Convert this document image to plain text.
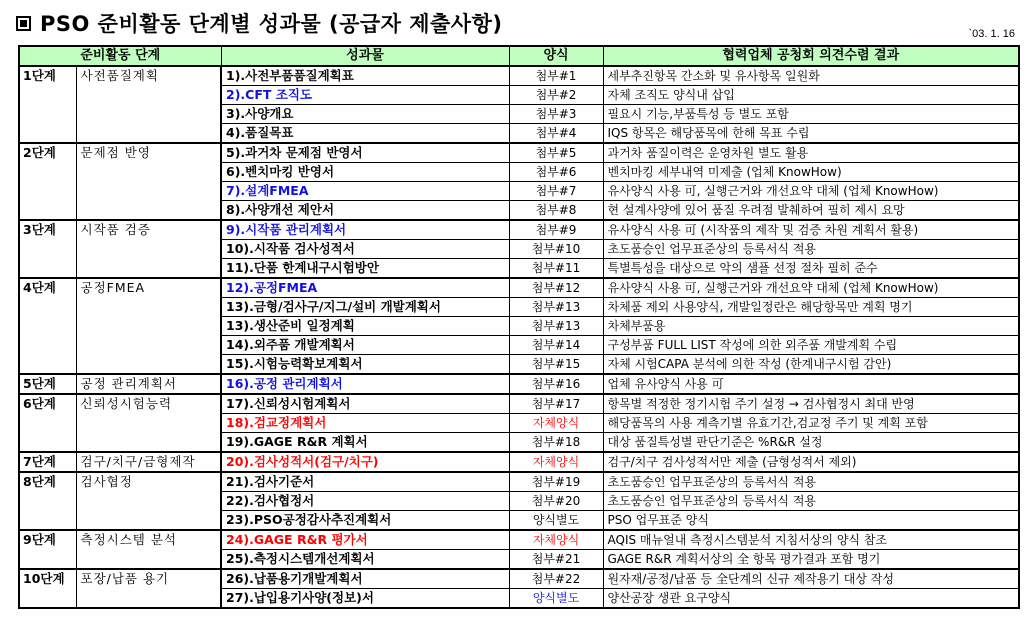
PSO 준비활동 단계별 성과물 (공급자 제출사항)	`03. 1. 16
준비활동 단계		성과물	양식	협력업체 공청회 의견수렴 결과
1단계	사전품질계획	1).사전부품품질계획표	첨부#1	세부추진항목 간소화 및 유사항목 일원화
		2).CFT 조직도	첨부#2	자체 조직도 양식내 삽입
		3).사양개요	첨부#3	필요시 기능,부품특성 등 별도 포함
		4).품질목표	첨부#4	IQS 항목은 해당품목에 한해 목표 수립
2단계	문제점 반영	5).과거차 문제점 반영서	첨부#5	과거차 품질이력은 운영차원 별도 활용
		6).벤치마킹 반영서	첨부#6	벤치마킹 세부내역 미제출 (업체 KnowHow)
		7).설계FMEA	첨부#7	유사양식 사용 可, 실행근거와 개선요약 대체 (업체 KnowHow)
		8).사양개선 제안서	첨부#8	현 설계사양에 있어 품질 우려점 발췌하여 필히 제시 요망
3단계	시작품 검증	9).시작품 관리계획서	첨부#9	유사양식 사용 可 (시작품의 제작 및 검증 차원 계획서 활용)
		10).시작품 검사성적서	첨부#10	초도품승인 업무표준상의 등록서식 적용
		11).단품 한계내구시험방안	첨부#11	특별특성을 대상으로 악의 샘플 선정 절차 필히 준수
4단계	공정FMEA	12).공정FMEA	첨부#12	유사양식 사용 可, 실행근거와 개선요약 대체 (업체 KnowHow)
		13).금형/검사구/지그/설비 개발계획서	첨부#13	차체품 제외 사용양식, 개발일정란은 해당항목만 계획 명기
		13).생산준비 일정계획	첨부#13	차체부품용
		14).외주품 개발계획서	첨부#14	구성부품 FULL LIST 작성에 의한 외주품 개발계획 수립
		15).시험능력확보계획서	첨부#15	자체 시험CAPA 분석에 의한 작성 (한계내구시험 감안)
5단계	공정 관리계획서	16).공정 관리계획서	첨부#16	업체 유사양식 사용 可
6단계	신뢰성시험능력	17).신뢰성시험계획서	첨부#17	항목별 적정한 정기시험 주기 설정 → 검사협정시 최대 반영
		18).검교정계획서	자체양식	해당품목의 사용 계측기별 유효기간,검교정 주기 및 계획 포함
		19).GAGE R&R 계획서	첨부#18	대상 품질특성별 판단기준은 %R&R 설정
7단계	검구/치구/금형제작	20).검사성적서(검구/치구)	자체양식	검구/치구 검사성적서만 제출 (금형성적서 제외)
8단계	검사협정	21).검사기준서	첨부#19	초도품승인 업무표준상의 등록서식 적용
		22).검사협정서	첨부#20	초도품승인 업무표준상의 등록서식 적용
		23).PSO공정감사추진계획서	양식별도	PSO 업무표준 양식
9단계	측정시스템 분석	24).GAGE R&R 평가서	자체양식	AQIS 매뉴얼내 측정시스템분석 지침서상의 양식 참조
		25).측정시스템개선계획서	첨부#21	GAGE R&R 계획서상의 全 항목 평가결과 포함 명기
10단계	포장/납품 용기	26).납품용기개발계획서	첨부#22	원자재/공정/납품 등 全단계의 신규 제작용기 대상 작성
		27).납입용기사양(정보)서	양식별도	양산공장 생관 요구양식
